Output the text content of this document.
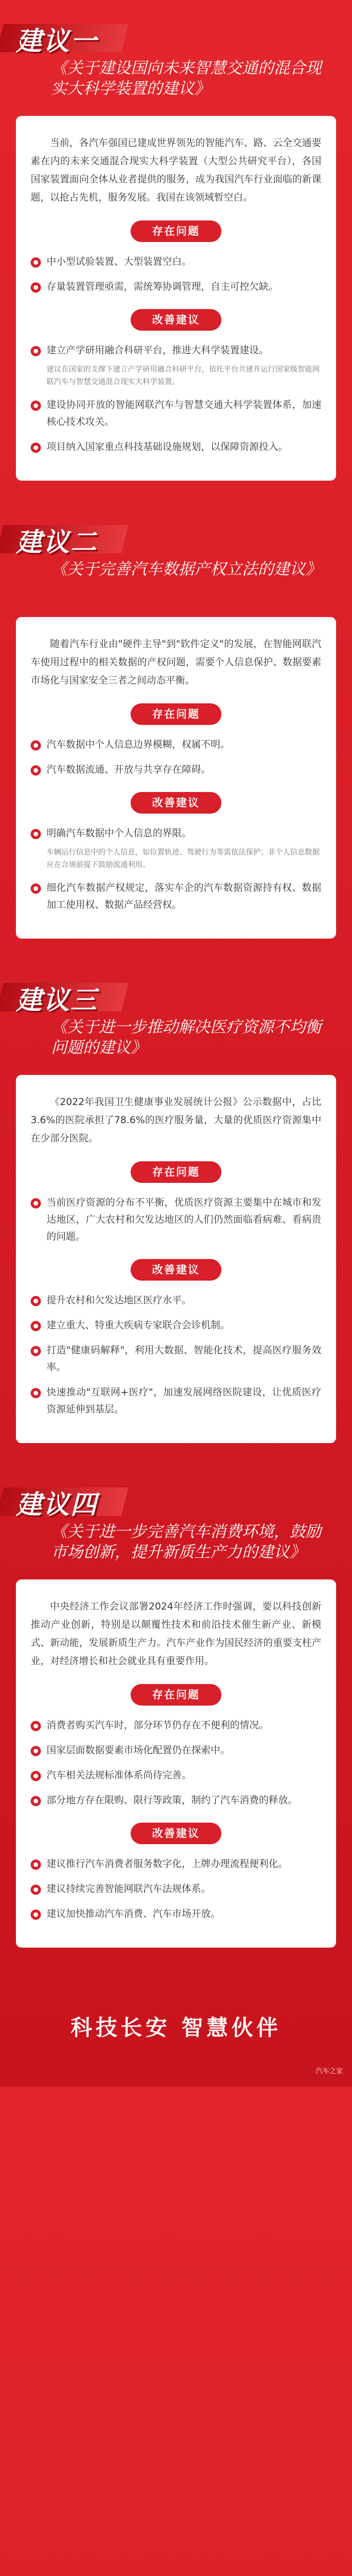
建议一
《关于建设国向未来智慧交通的混合现实大科学装置的建议》

当前，各汽车强国已建成世界领先的智能汽车、路、云全交通要素在内的未来交通混合现实大科学装置（大型公共研究平台），各国国家装置面向全体从业者提供的服务，成为我国汽车行业面临的新课题，以抢占先机，服务发展。我国在该领域暂空白。

存在问题
中小型试验装置、大型装置空白。
存量装置管理亟需，需统筹协调管理，自主可控欠缺。
改善建议
建立产学研用融合科研平台，推进大科学装置建设。
建议在国家的支撑下建立产学研用融合科研平台，依托平台共建并运行国家级智能网联汽车与智慧交通混合现实大科学装置。
建设协同开放的智能网联汽车与智慧交通大科学装置体系，加速核心技术攻关。
项目纳入国家重点科技基础设施规划，以保障资源投入。
建议二
《关于完善汽车数据产权立法的建议》

随着汽车行业由"硬件主导"到"软件定义"的发展，在智能网联汽车使用过程中的相关数据的产权问题，需要个人信息保护、数据要素市场化与国家安全三者之间动态平衡。

存在问题
汽车数据中个人信息边界模糊，权属不明。
汽车数据流通、开放与共享存在障碍。
改善建议
明确汽车数据中个人信息的界限。
车辆运行信息中的个人信息，如位置轨迹、驾驶行为等需依法保护；非个人信息数据应在合规前提下鼓励流通利用。
细化汽车数据产权规定，落实车企的汽车数据资源持有权、数据加工使用权、数据产品经营权。
建议三
《关于进一步推动解决医疗资源不均衡问题的建议》

《2022年我国卫生健康事业发展统计公报》公示数据中，占比3.6%的医院承担了78.6%的医疗服务量，大量的优质医疗资源集中在少部分医院。

存在问题
当前医疗资源的分布不平衡，优质医疗资源主要集中在城市和发达地区，广大农村和欠发达地区的人们仍然面临看病难、看病贵的问题。
改善建议
提升农村和欠发达地区医疗水平。
建立重大、特重大疾病专家联合会诊机制。
打造"健康码解释"，利用大数据、智能化技术，提高医疗服务效率。
快速推动"互联网+医疗"，加速发展网络医院建设，让优质医疗资源延伸到基层。
建议四
《关于进一步完善汽车消费环境，鼓励市场创新，提升新质生产力的建议》

中央经济工作会议部署2024年经济工作时强调，要以科技创新推动产业创新，特别是以颠覆性技术和前沿技术催生新产业、新模式、新动能，发展新质生产力。汽车产业作为国民经济的重要支柱产业，对经济增长和社会就业具有重要作用。

存在问题
消费者购买汽车时，部分环节仍存在不便利的情况。
国家层面数据要素市场化配置仍在探索中。
汽车相关法规标准体系尚待完善。
部分地方存在限购、限行等政策，制约了汽车消费的释放。
改善建议
建议推行汽车消费者服务数字化，上牌办理流程便利化。
建议持续完善智能网联汽车法规体系。
建议加快推动汽车消费、汽车市场开放。
科技长安 智慧伙伴
汽车之家
